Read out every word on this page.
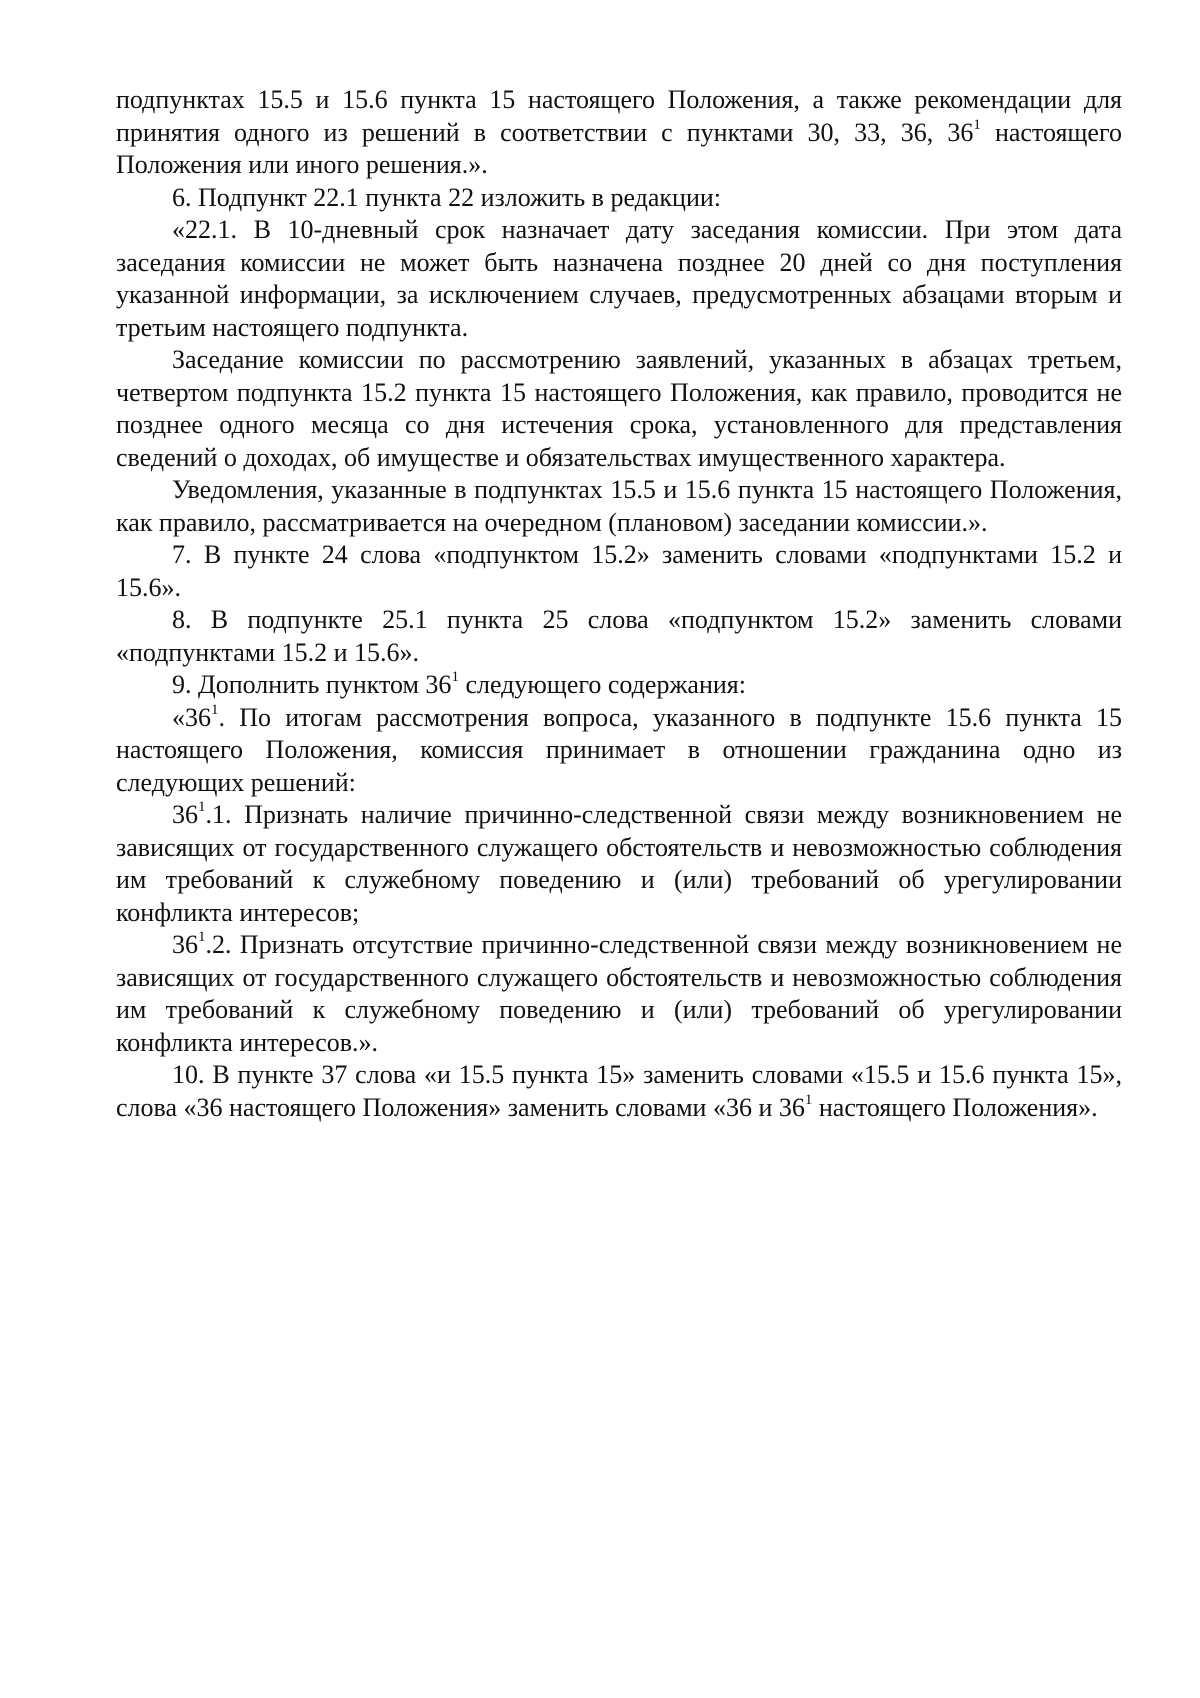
подпунктах 15.5 и 15.6 пункта 15 настоящего Положения, а также рекомендации для принятия одного из решений в соответствии с пунктами 30, 33, 36, $36^1$ настоящего Положения или иного решения.».

6. Подпункт 22.1 пункта 22 изложить в редакции:

«22.1. В 10-дневный срок назначает дату заседания комиссии. При этом дата заседания комиссии не может быть назначена позднее 20 дней со дня поступления указанной информации, за исключением случаев, предусмотренных абзацами вторым и третьим настоящего подпункта.

Заседание комиссии по рассмотрению заявлений, указанных в абзацах третьем, четвертом подпункта 15.2 пункта 15 настоящего Положения, как правило, проводится не позднее одного месяца со дня истечения срока, установленного для представления сведений о доходах, об имуществе и обязательствах имущественного характера.

Уведомления, указанные в подпунктах 15.5 и 15.6 пункта 15 настоящего Положения, как правило, рассматривается на очередном (плановом) заседании комиссии.».

7. В пункте 24 слова «подпунктом 15.2» заменить словами «подпунктами 15.2 и 15.6».

8. В подпункте 25.1 пункта 25 слова «подпунктом 15.2» заменить словами «подпунктами 15.2 и 15.6».

9. Дополнить пунктом $36^1$ следующего содержания:

«$36^1$. По итогам рассмотрения вопроса, указанного в подпункте 15.6 пункта 15 настоящего Положения, комиссия принимает в отношении гражданина одно из следующих решений:

$36^1.1$. Признать наличие причинно-следственной связи между возникновением не зависящих от государственного служащего обстоятельств и невозможностью соблюдения им требований к служебному поведению и (или) требований об урегулировании конфликта интересов;

$36^1.2$. Признать отсутствие причинно-следственной связи между возникновением не зависящих от государственного служащего обстоятельств и невозможностью соблюдения им требований к служебному поведению и (или) требований об урегулировании конфликта интересов.».

10. В пункте 37 слова «и 15.5 пункта 15» заменить словами «15.5 и 15.6 пункта 15», слова «36 настоящего Положения» заменить словами «36 и $36^1$ настоящего Положения».
